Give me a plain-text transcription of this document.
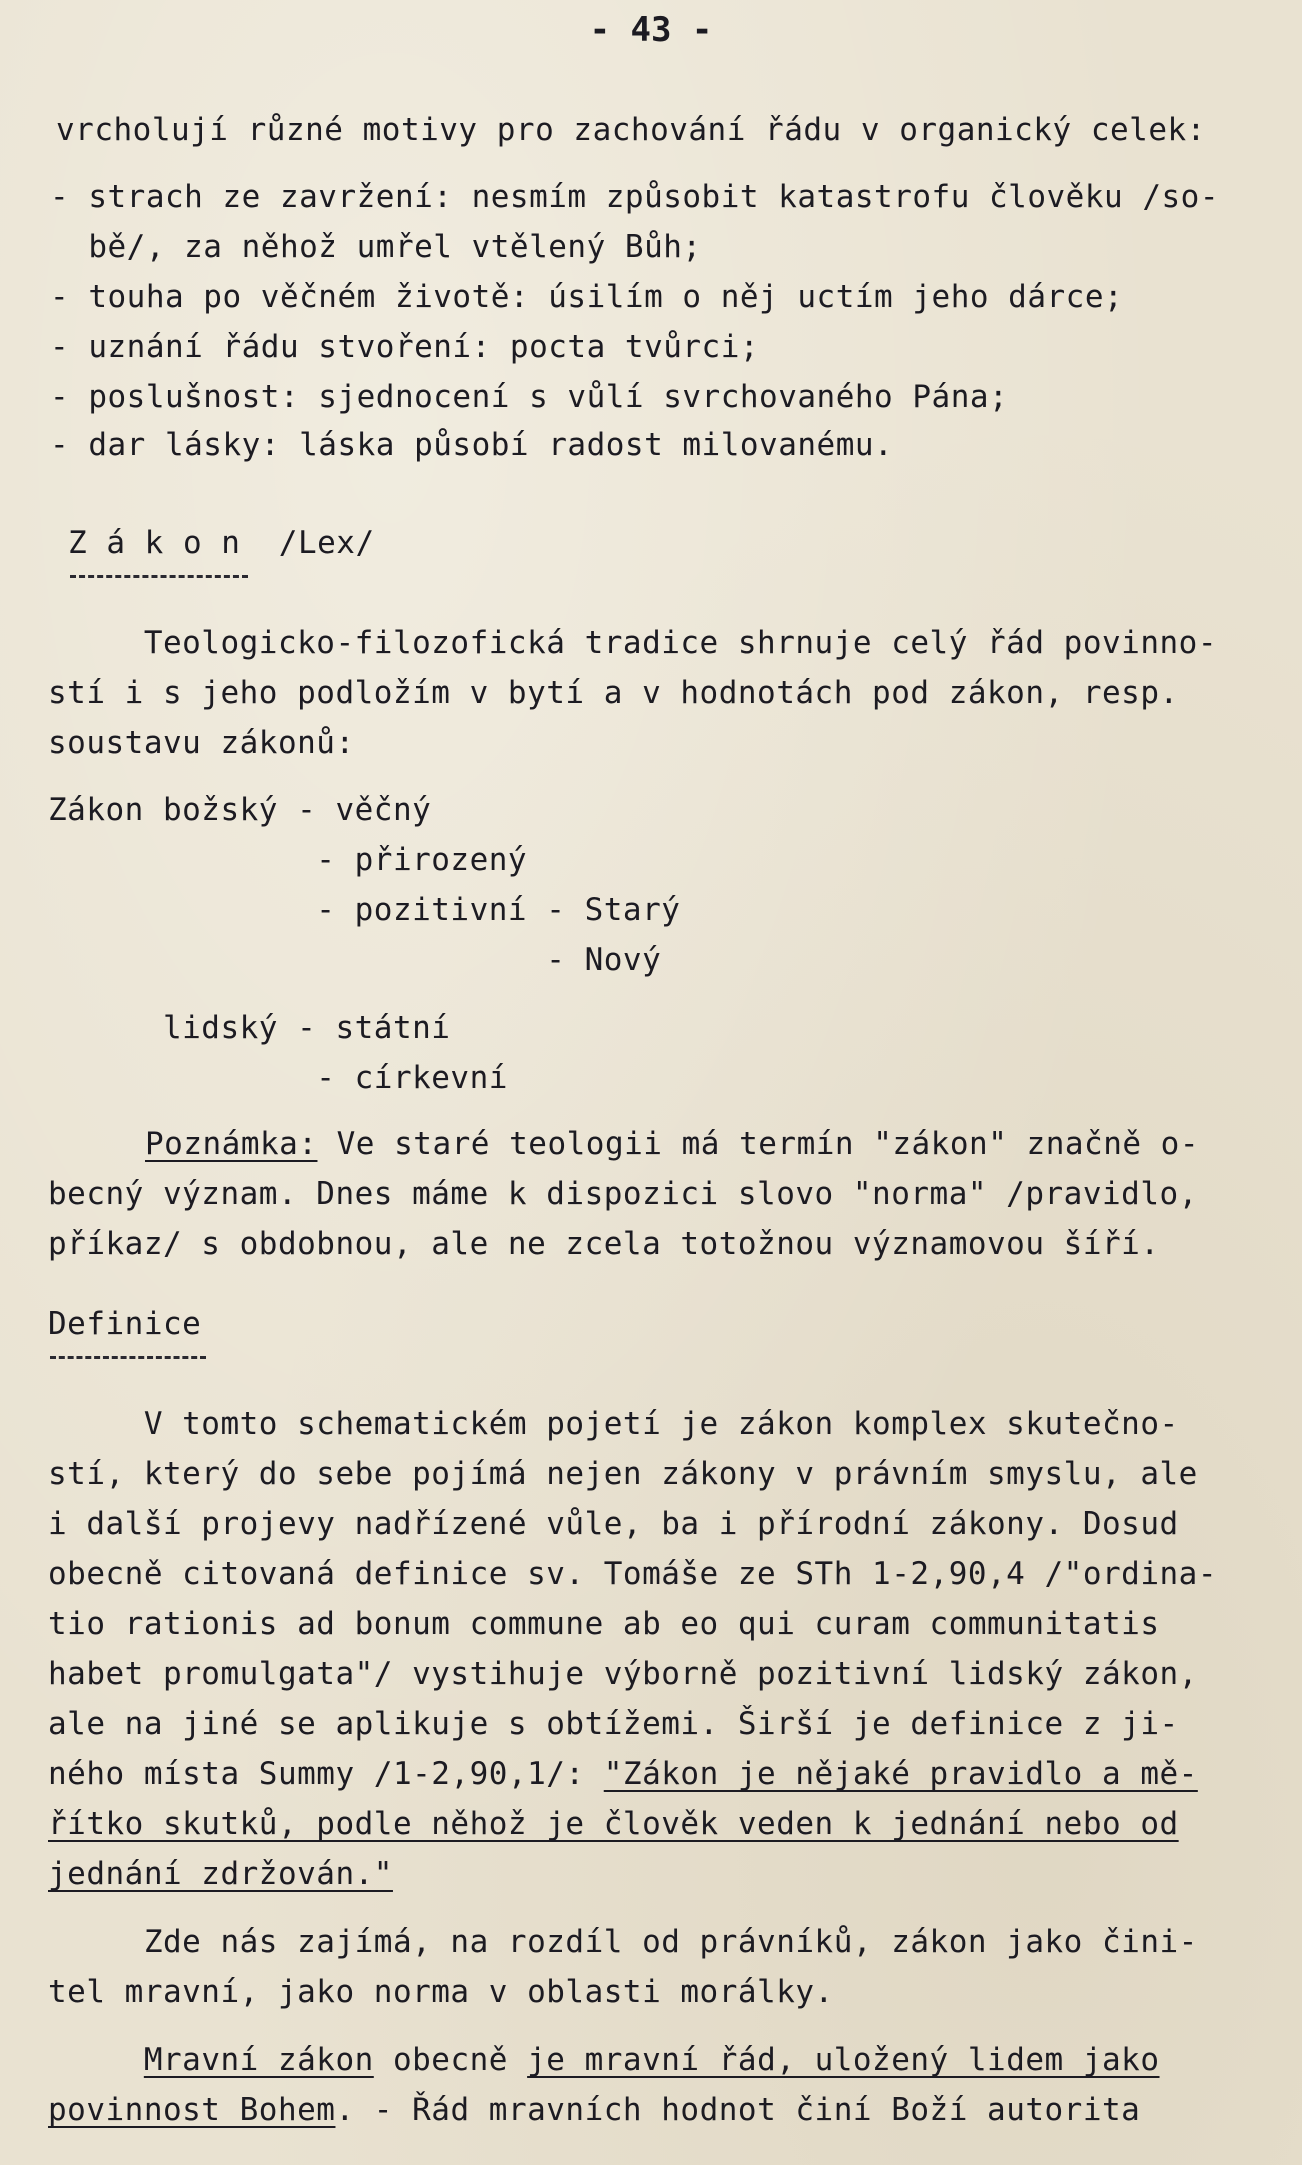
- 43 -
vrcholují různé motivy pro zachování řádu v organický celek:
- strach ze zavržení: nesmím způsobit katastrofu člověku /so-
bě/, za něhož umřel vtělený Bůh;
- touha po věčném životě: úsilím o něj uctím jeho dárce;
- uznání řádu stvoření: pocta tvůrci;
- poslušnost: sjednocení s vůlí svrchovaného Pána;
- dar lásky: láska působí radost milovanému.
Z á k o n  /Lex/
Teologicko-filozofická tradice shrnuje celý řád povinno-
stí i s jeho podložím v bytí a v hodnotách pod zákon, resp.
soustavu zákonů:
Zákon božský - věčný
- přirozený
- pozitivní - Starý
- Nový
lidský - státní
- církevní
Poznámka: Ve staré teologii má termín "zákon" značně o-
becný význam. Dnes máme k dispozici slovo "norma" /pravidlo,
příkaz/ s obdobnou, ale ne zcela totožnou významovou šíří.
Definice
V tomto schematickém pojetí je zákon komplex skutečno-
stí, který do sebe pojímá nejen zákony v právním smyslu, ale
i další projevy nadřízené vůle, ba i přírodní zákony. Dosud
obecně citovaná definice sv. Tomáše ze STh 1-2,90,4 /"ordina-
tio rationis ad bonum commune ab eo qui curam communitatis
habet promulgata"/ vystihuje výborně pozitivní lidský zákon,
ale na jiné se aplikuje s obtížemi. Širší je definice z ji-
ného místa Summy /1-2,90,1/: "Zákon je nějaké pravidlo a mě-
řítko skutků, podle něhož je člověk veden k jednání nebo od
jednání zdržován."
Zde nás zajímá, na rozdíl od právníků, zákon jako čini-
tel mravní, jako norma v oblasti morálky.
Mravní zákon obecně je mravní řád, uložený lidem jako
povinnost Bohem. - Řád mravních hodnot činí Boží autorita
